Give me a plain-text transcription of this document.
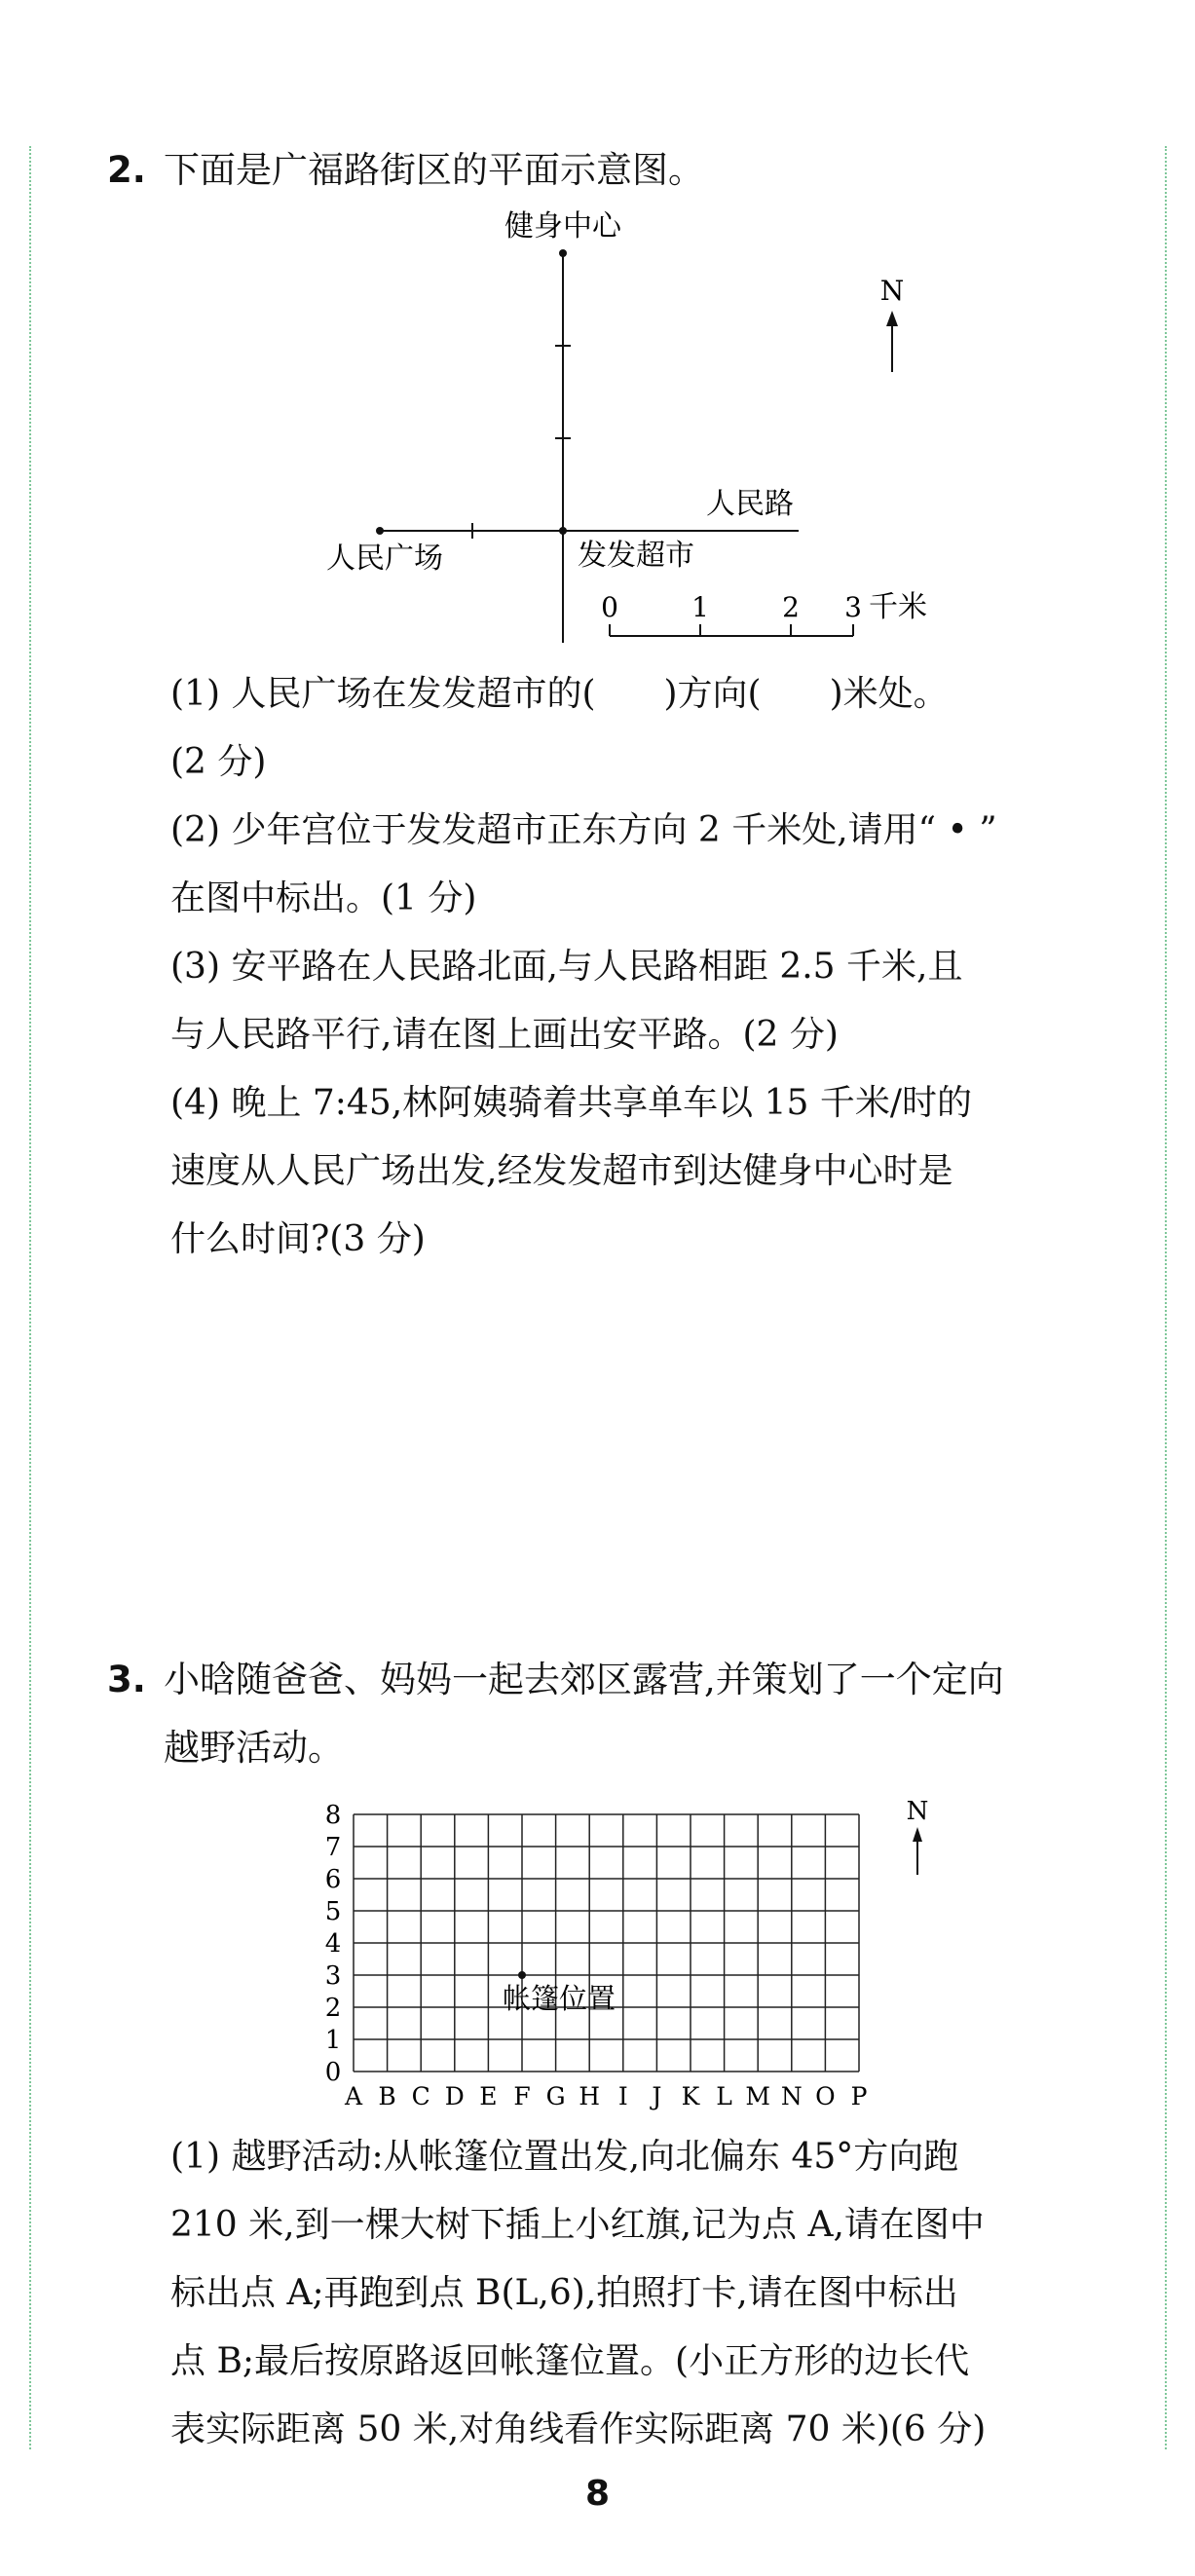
2. 下面是广福路街区的平面示意图。
N
健身中心
人民路
人民广场	发发超市
0	1	2 3 千米

(1) 人民广场在发发超市的( )方向( )米处。

(2 分)

(2) 少年宫位于发发超市正东方向 2 千米处,请用“ • ”

在图中标出。(1 分)

(3) 安平路在人民路北面,与人民路相距 2.5 千米,且

与人民路平行,请在图上画出安平路。(2 分)

(4) 晚上 7:45,林阿姨骑着共享单车以 15 千米/时的

速度从人民广场出发,经发发超市到达健身中心时是

什么时间?(3 分)

3. 小晗随爸爸、妈妈一起去郊区露营,并策划了一个定向
越野活动。
0
1
2
3
4
5
6
7
8
A B C D E F G H I J K L M N O P
帐篷位置
N

(1) 越野活动:从帐篷位置出发,向北偏东 45°方向跑

210 米,到一棵大树下插上小红旗,记为点 A,请在图中

标出点 A;再跑到点 B(L,6),拍照打卡,请在图中标出

点 B;最后按原路返回帐篷位置。(小正方形的边长代

表实际距离 50 米,对角线看作实际距离 70 米)(6 分)

8
